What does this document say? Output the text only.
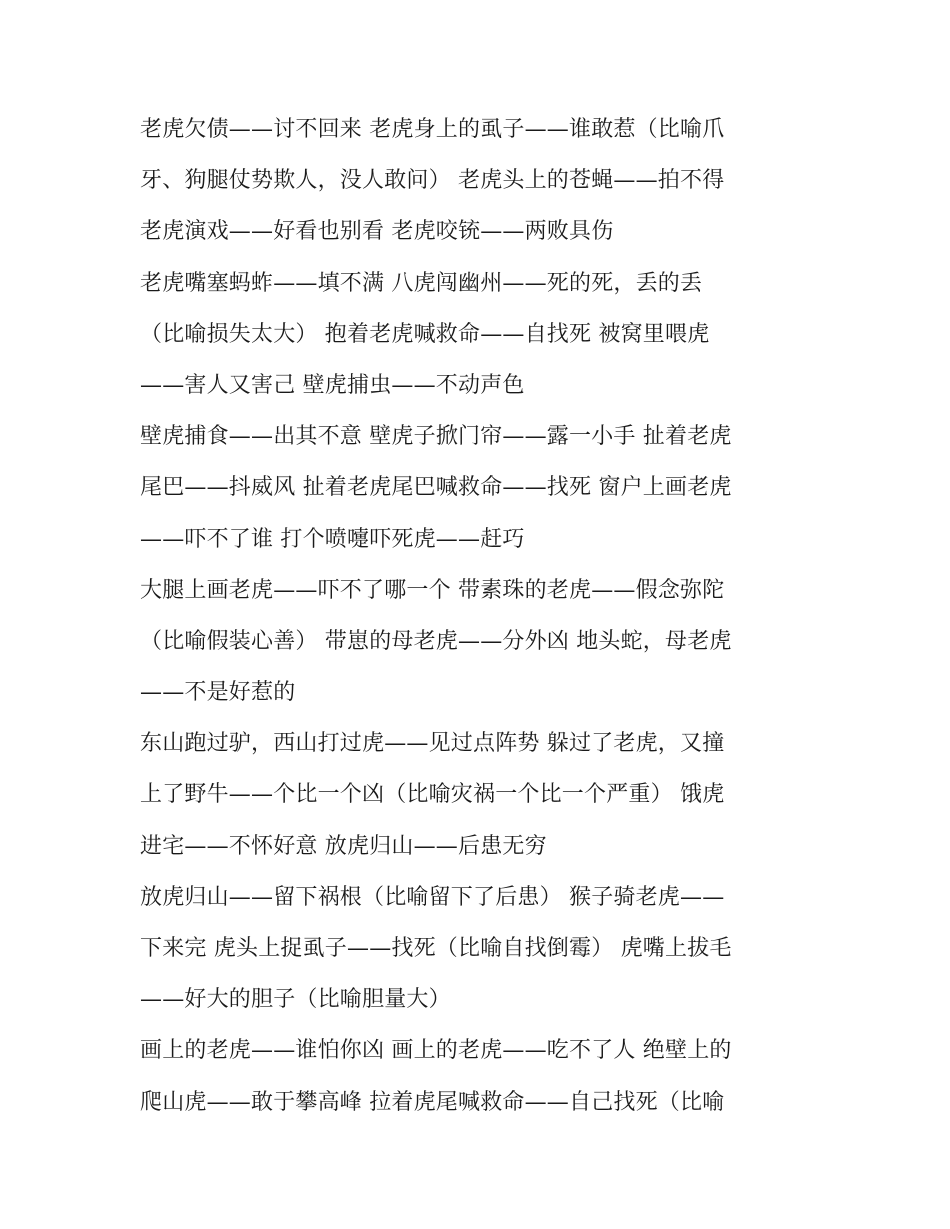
老虎欠债——讨不回来 老虎身上的虱子——谁敢惹（比喻爪
牙、狗腿仗势欺人，没人敢问） 老虎头上的苍蝇——拍不得
老虎演戏——好看也别看 老虎咬铳——两败具伤
老虎嘴塞蚂蚱——填不满 八虎闯幽州——死的死，丢的丢
（比喻损失太大） 抱着老虎喊救命——自找死 被窝里喂虎
——害人又害己 壁虎捕虫——不动声色
壁虎捕食——出其不意 壁虎子掀门帘——露一小手 扯着老虎
尾巴——抖威风 扯着老虎尾巴喊救命——找死 窗户上画老虎
——吓不了谁 打个喷嚏吓死虎——赶巧
大腿上画老虎——吓不了哪一个 带素珠的老虎——假念弥陀
（比喻假装心善） 带崽的母老虎——分外凶 地头蛇，母老虎
——不是好惹的
东山跑过驴，西山打过虎——见过点阵势 躲过了老虎，又撞
上了野牛——个比一个凶（比喻灾祸一个比一个严重） 饿虎
进宅——不怀好意 放虎归山——后患无穷
放虎归山——留下祸根（比喻留下了后患） 猴子骑老虎——
下来完 虎头上捉虱子——找死（比喻自找倒霉） 虎嘴上拔毛
——好大的胆子（比喻胆量大）
画上的老虎——谁怕你凶 画上的老虎——吃不了人 绝壁上的
爬山虎——敢于攀高峰 拉着虎尾喊救命——自己找死（比喻
